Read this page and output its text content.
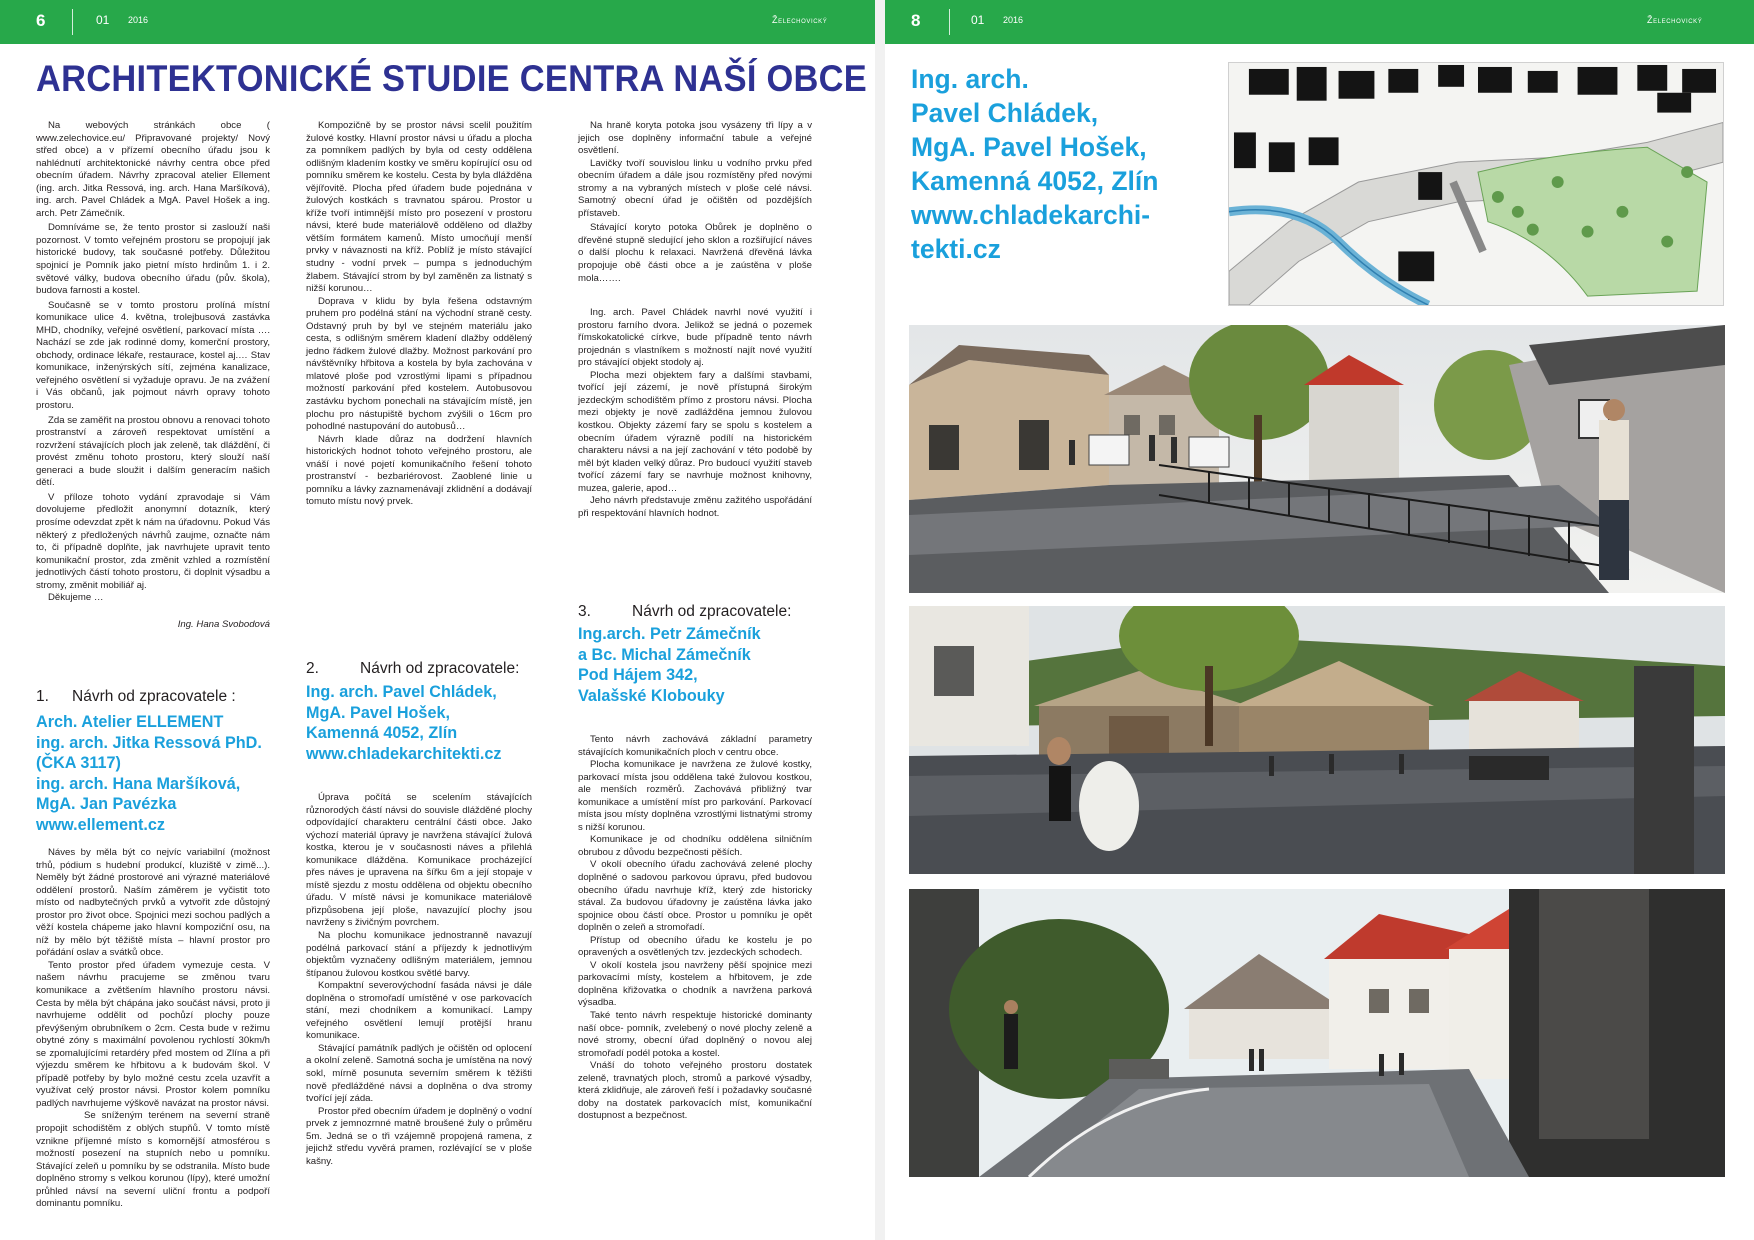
6	01 2016	Želechovický	8	01 2016	Želechovický
ARCHITEKTONICKÉ STUDIE CENTRA NAŠÍ OBCE

Na webových stránkách obce ( www.zelechovice.eu/ Připravované projekty/ Nový střed obce) a v přízemí obecního úřadu jsou k nahlédnutí architektonické návrhy centra obce před obecním úřadem. Návrhy zpracoval atelier Ellement (ing. arch. Jitka Ressová, ing. arch. Hana Maršíková), ing. arch. Pavel Chládek a MgA. Pavel Hošek a ing. arch. Petr Zámečník.

Domníváme se, že tento prostor si zaslouží naši pozornost. V tomto veřejném prostoru se propojují jak historické budovy, tak současné potřeby. Důležitou spojnicí je Pomník jako pietní místo hrdinům 1. i 2. světové války, budova obecního úřadu (pův. škola), budova farnosti a kostel.

Současně se v tomto prostoru prolíná místní komunikace ulice 4. května, trolejbusová zastávka MHD, chodníky, veřejné osvětlení, parkovací místa …. Nachází se zde jak rodinné domy, komerční prostory, obchody, ordinace lékaře, restaurace, kostel aj.… Stav komunikace, inženýrských sítí, zejména kanalizace, veřejného osvětlení si vyžaduje opravu. Je na zvážení i Vás občanů, jak pojmout návrh opravy tohoto prostoru.

Zda se zaměřit na prostou obnovu a renovaci tohoto prostranství a zároveň respektovat umístění a rozvržení stávajících ploch jak zeleně, tak dláždění, či provést změnu tohoto prostoru, který slouží naší generaci a bude sloužit i dalším generacím našich dětí.

V příloze tohoto vydání zpravodaje si Vám dovolujeme předložit anonymní dotazník, který prosíme odevzdat zpět k nám na úřadovnu. Pokud Vás některý z předložených návrhů zaujme, označte nám to, či případně doplňte, jak navrhujete upravit tento komunikační prostor, zda změnit vzhled a rozmístění jednotlivých částí tohoto prostoru, či doplnit výsadbu a stromy, změnit mobiliář aj.

Děkujeme …

Ing. Hana Svobodová

1. Návrh od zpracovatele :
Arch. Atelier ELLEMENT
ing. arch. Jitka Ressová PhD.
(ČKA 3117)
ing. arch. Hana Maršíková,
MgA. Jan Pavézka
www.ellement.cz

Náves by měla být co nejvíc variabilní (možnost trhů, pódium s hudební produkcí, kluziště v zimě...). Neměly být žádné prostorové ani výrazné materiálové oddělení prostorů. Naším záměrem je vyčistit toto místo od nadbytečných prvků a vytvořit zde důstojný prostor pro život obce. Spojnici mezi sochou padlých a věží kostela chápeme jako hlavní kompoziční osu, na níž by mělo být těžiště místa – hlavní prostor pro pořádání oslav a svátků obce.

Tento prostor před úřadem vymezuje cesta. V našem návrhu pracujeme se změnou tvaru komunikace a zvětšením hlavního prostoru návsi. Cesta by měla být chápána jako součást návsi, proto ji navrhujeme oddělit od pochůzí plochy pouze převýšeným obrubníkem o 2cm. Cesta bude v režimu obytné zóny s maximální povolenou rychlostí 30km/h se zpomalujícími retardéry před mostem od Zlína a při výjezdu směrem ke hřbitovu a k budovám škol. V případě potřeby by bylo možné cestu zcela uzavřít a využívat celý prostor návsi. Prostor kolem pomníku padlých navrhujeme výškově navázat na prostor návsi.

Se sníženým terénem na severní straně propojit schodištěm z oblých stupňů. V tomto místě vznikne příjemné místo s komornější atmosférou s možností posezení na stupních nebo u pomníku. Stávající zeleň u pomníku by se odstranila. Místo bude doplněno stromy s velkou korunou (lípy), které umožní průhled návsí na severní uliční frontu a podpoří dominantu pomníku.

Kompozičně by se prostor návsi scelil použitím žulové kostky. Hlavní prostor návsi u úřadu a plocha za pomníkem padlých by byla od cesty oddělena odlišným kladením kostky ve směru kopírující osu od pomníku směrem ke kostelu. Cesta by byla dlážděna vějířovitě. Plocha před úřadem bude pojednána v žulových kostkách s travnatou spárou. Prostor u kříže tvoří intimnější místo pro posezení v prostoru návsi, které bude materiálově odděleno od dlažby větším formátem kamenů. Místo umocňují menší prvky v návaznosti na kříž. Poblíž je místo stávající studny - vodní prvek – pumpa s jednoduchým žlabem. Stávající strom by byl zaměněn za listnatý s nižší korunou…

Doprava v klidu by byla řešena odstavným pruhem pro podélná stání na východní straně cesty. Odstavný pruh by byl ve stejném materiálu jako cesta, s odlišným směrem kladení dlažby oddělený jedno řádkem žulové dlažby. Možnost parkování pro návštěvníky hřbitova a kostela by byla zachována v mlatové ploše pod vzrostlými lipami s případnou možností parkování před kostelem. Autobusovou zastávku bychom ponechali na stávajícím místě, jen plochu pro nástupiště bychom zvýšili o 16cm pro pohodlné nastupování do autobusů…

Návrh klade důraz na dodržení hlavních historických hodnot tohoto veřejného prostoru, ale vnáší i nové pojetí komunikačního řešení tohoto prostranství - bezbariérovost. Zaoblené linie u pomníku a lávky zaznamenávají zklidnění a dodávají tomuto místu nový prvek.

2.	Návrh od zpracovatele:
Ing. arch. Pavel Chládek,
MgA. Pavel Hošek,
Kamenná 4052, Zlín
www.chladekarchitekti.cz

Úprava počítá se scelením stávajících různorodých částí návsi do souvisle dlážděné plochy odpovídající charakteru centrální části obce. Jako výchozí materiál úpravy je navržena stávající žulová kostka, kterou je v současnosti náves a přilehlá komunikace dlážděna. Komunikace procházející přes náves je upravena na šířku 6m a její stopaje v místě sjezdu z mostu oddělena od objektu obecního úřadu. V místě návsi je komunikace materiálově přizpůsobena její ploše, navazující plochy jsou navrženy s živičným povrchem.

Na plochu komunikace jednostranně navazují podélná parkovací stání a příjezdy k jednotlivým objektům vyznačeny odlišným materiálem, jemnou štípanou žulovou kostkou světlé barvy.

Kompaktní severovýchodní fasáda návsi je dále doplněna o stromořadí umístěné v ose parkovacích stání, mezi chodníkem a komunikací. Lampy veřejného osvětlení lemují protější hranu komunikace.

Stávající památník padlých je očištěn od oplocení a okolní zeleně. Samotná socha je umístěna na nový sokl, mírně posunuta severním směrem k těžišti nově předlážděné návsi a doplněna o dva stromy tvořící její záda.

Prostor před obecním úřadem je doplněný o vodní prvek z jemnozrnné matně broušené žuly o průměru 5m. Jedná se o tři vzájemně propojená ramena, z jejichž středu vyvěrá pramen, rozlévající se v ploše kašny.

Na hraně koryta potoka jsou vysázeny tři lípy a v jejich ose doplněny informační tabule a veřejné osvětlení.

Lavičky tvoří souvislou linku u vodního prvku před obecním úřadem a dále jsou rozmístěny před novými stromy a na vybraných místech v ploše celé návsi. Samotný obecní úřad je očištěn od pozdějších přístaveb.

Stávající koryto potoka Obůrek je doplněno o dřevěné stupně sledující jeho sklon a rozšiřující náves o další plochu k relaxaci. Navržená dřevěná lávka propojuje obě části obce a je zaústěna v ploše mola…….

Ing. arch. Pavel Chládek navrhl nové využití i prostoru farního dvora. Jelikož se jedná o pozemek římskokatolické církve, bude případně tento návrh projednán s vlastníkem s možností najít nové využití pro stávající objekt stodoly aj.

Plocha mezi objektem fary a dalšími stavbami, tvořící její zázemí, je nově přístupná širokým jezdeckým schodištěm přímo z prostoru návsi. Plocha mezi objekty je nově zadlážděna jemnou žulovou kostkou. Objekty zázemí fary se spolu s kostelem a obecním úřadem výrazně podílí na historickém charakteru návsi a na její zachování v této podobě by měl být kladen velký důraz. Pro budoucí využití staveb tvořící zázemí fary se navrhuje možnost knihovny, muzea, galerie, apod…

Jeho návrh představuje změnu zažitého uspořádání při respektování hlavních hodnot.

3.	Návrh od zpracovatele:
Ing.arch. Petr Zámečník
a Bc. Michal Zámečník
Pod Hájem 342,
Valašské Klobouky

Tento návrh zachovává základní parametry stávajících komunikačních ploch v centru obce.

Plocha komunikace je navržena ze žulové kostky, parkovací místa jsou oddělena také žulovou kostkou, ale menších rozměrů. Zachovává přibližný tvar komunikace a umístění míst pro parkování. Parkovací místa jsou místy doplněna vzrostlými listnatými stromy s nižší korunou.

Komunikace je od chodníku oddělena silničním obrubou z důvodu bezpečnosti pěších.

V okolí obecního úřadu zachovává zelené plochy doplněné o sadovou parkovou úpravu, před budovou obecního úřadu navrhuje kříž, který zde historicky stával. Za budovou úřadovny je zaústěna lávka jako spojnice obou částí obce. Prostor u pomníku je opět doplněn o zeleň a stromořadí.

Přístup od obecního úřadu ke kostelu je po opravených a osvětlených tzv. jezdeckých schodech.

V okolí kostela jsou navrženy pěší spojnice mezi parkovacími místy, kostelem a hřbitovem, je zde doplněna křižovatka o chodník a navržena parková výsadba.

Také tento návrh respektuje historické dominanty naší obce- pomník, zvelebený o nové plochy zeleně a nové stromy, obecní úřad doplněný o novou alej stromořadí podél potoka a kostel.

Vnáší do tohoto veřejného prostoru dostatek zeleně, travnatých ploch, stromů a parkové výsadby, která zklidňuje, ale zároveň řeší i požadavky současné doby na dostatek parkovacích míst, komunikační dostupnost a bezpečnost.

Ing. arch.
Pavel Chládek,
MgA. Pavel Hošek,
Kamenná 4052, Zlín
www.chladekarchi-
tekti.cz
